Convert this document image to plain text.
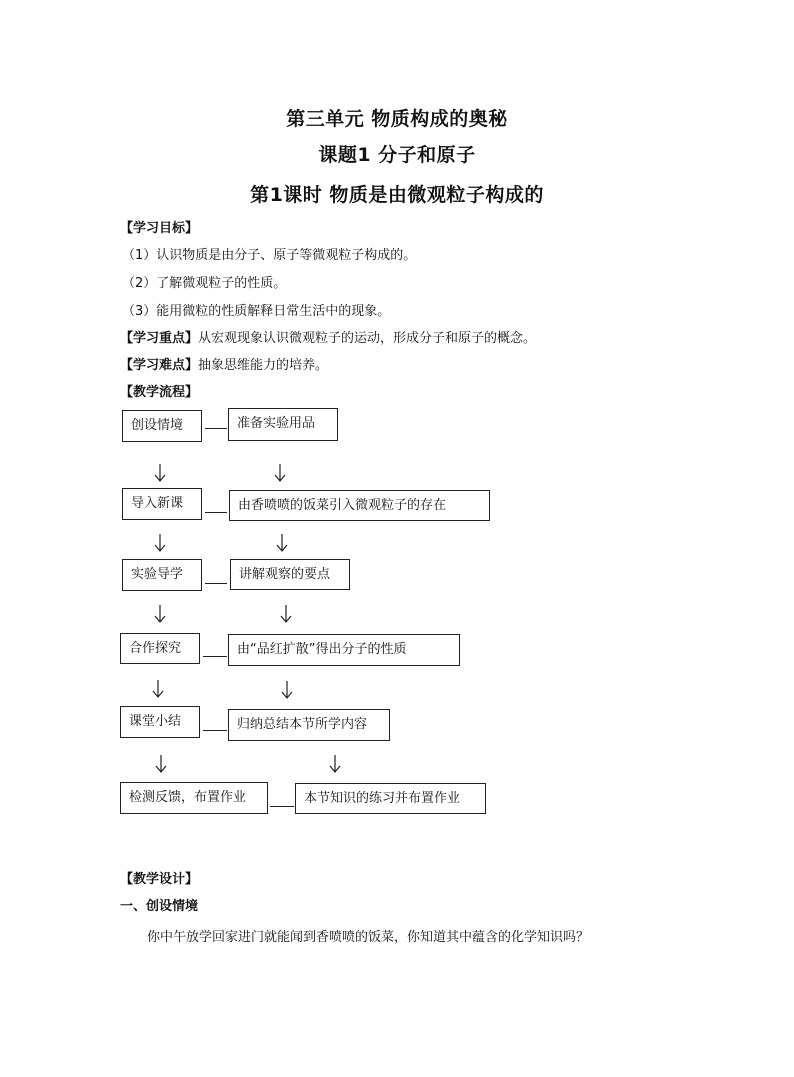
第三单元 物质构成的奥秘
课题1 分子和原子
第1课时 物质是由微观粒子构成的
【学习目标】
（1）认识物质是由分子、原子等微观粒子构成的。
（2）了解微观粒子的性质。
（3）能用微粒的性质解释日常生活中的现象。
【学习重点】从宏观现象认识微观粒子的运动，形成分子和原子的概念。
【学习难点】抽象思维能力的培养。
【教学流程】
创设情境	准备实验用品
导入新课	由香喷喷的饭菜引入微观粒子的存在
实验导学	讲解观察的要点
合作探究	由“品红扩散”得出分子的性质
课堂小结	归纳总结本节所学内容
检测反馈，布置作业	本节知识的练习并布置作业
【教学设计】
一、创设情境
你中午放学回家进门就能闻到香喷喷的饭菜，你知道其中蕴含的化学知识吗？
